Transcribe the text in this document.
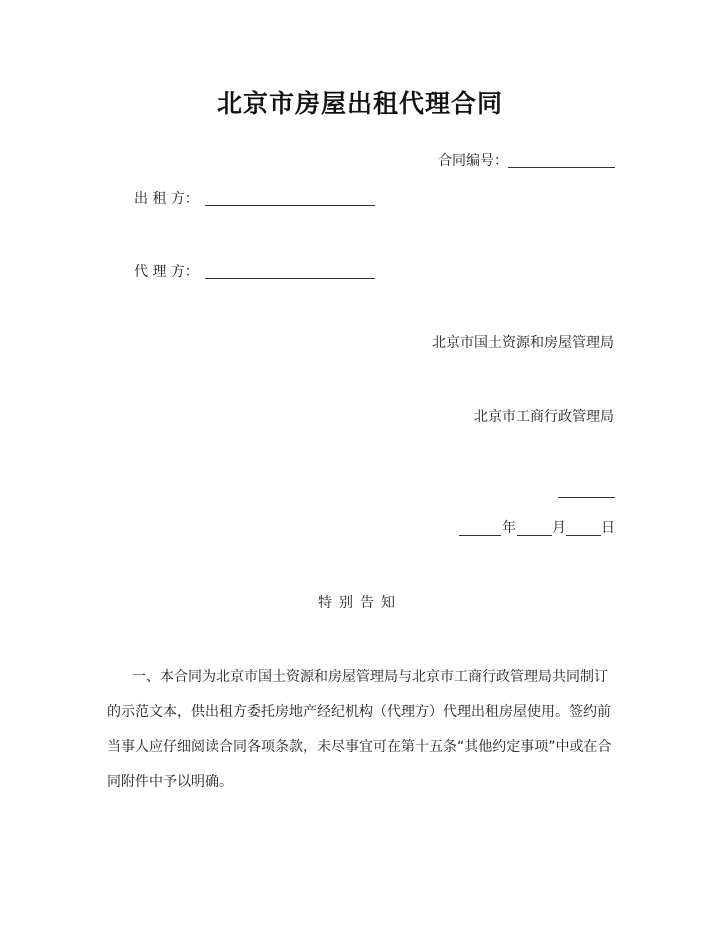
北京市房屋出租代理合同
合同编号：
出 租 方：
代 理 方：
北京市国土资源和房屋管理局
北京市工商行政管理局
年	月	日
特别告知
　　一、本合同为北京市国土资源和房屋管理局与北京市工商行政管理局共同制订
的示范文本，供出租方委托房地产经纪机构（代理方）代理出租房屋使用。签约前
当事人应仔细阅读合同各项条款，未尽事宜可在第十五条“其他约定事项”中或在合
同附件中予以明确。
